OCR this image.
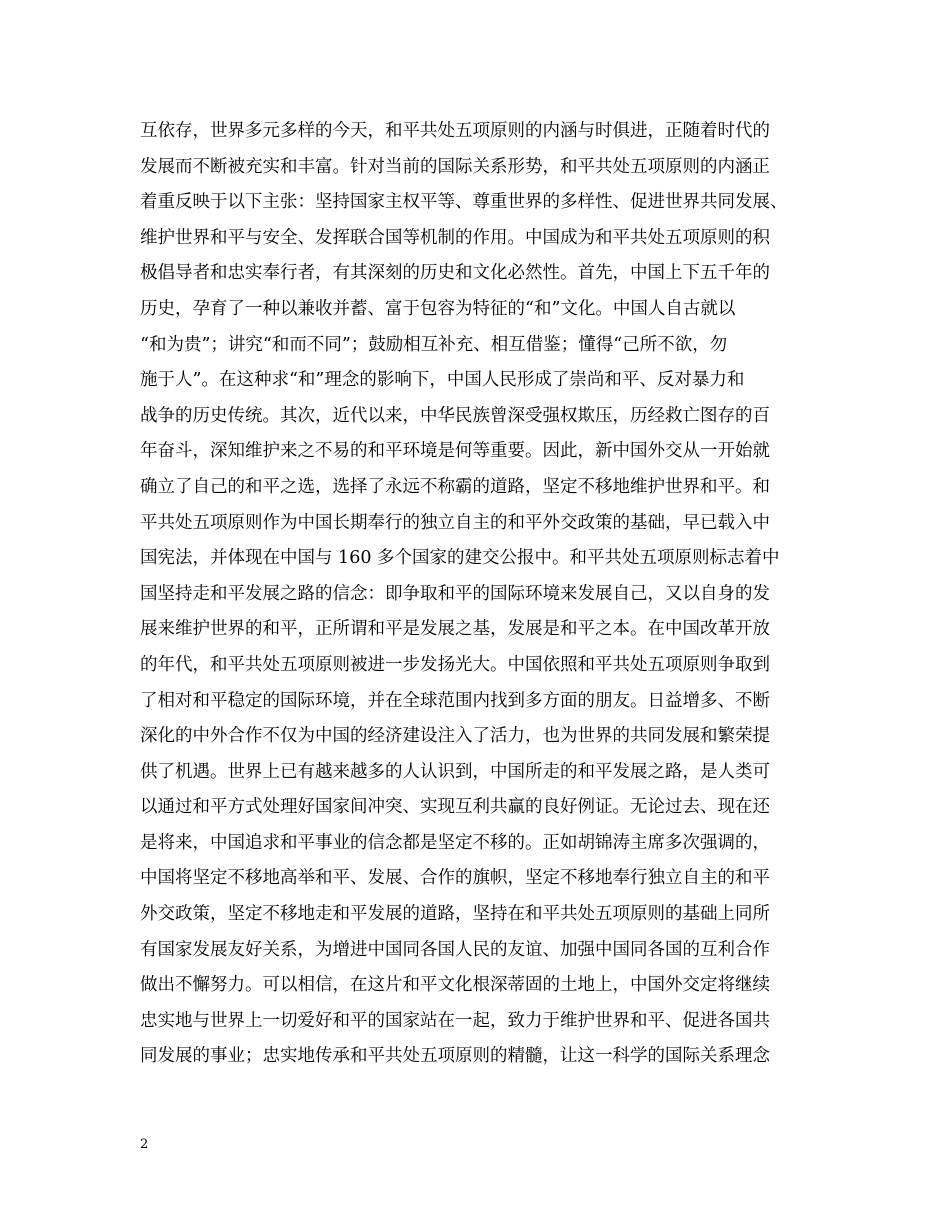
互依存，世界多元多样的今天，和平共处五项原则的内涵与时俱进，正随着时代的
发展而不断被充实和丰富。针对当前的国际关系形势，和平共处五项原则的内涵正
着重反映于以下主张：坚持国家主权平等、尊重世界的多样性、促进世界共同发展、
维护世界和平与安全、发挥联合国等机制的作用。中国成为和平共处五项原则的积
极倡导者和忠实奉行者，有其深刻的历史和文化必然性。首先，中国上下五千年的
历史，孕育了一种以兼收并蓄、富于包容为特征的“和”文化。中国人自古就以
“和为贵”；讲究“和而不同”；鼓励相互补充、相互借鉴；懂得“己所不欲，勿
施于人”。在这种求“和”理念的影响下，中国人民形成了崇尚和平、反对暴力和
战争的历史传统。其次，近代以来，中华民族曾深受强权欺压，历经救亡图存的百
年奋斗，深知维护来之不易的和平环境是何等重要。因此，新中国外交从一开始就
确立了自己的和平之选，选择了永远不称霸的道路，坚定不移地维护世界和平。和
平共处五项原则作为中国长期奉行的独立自主的和平外交政策的基础，早已载入中
国宪法，并体现在中国与 160 多个国家的建交公报中。和平共处五项原则标志着中
国坚持走和平发展之路的信念：即争取和平的国际环境来发展自己，又以自身的发
展来维护世界的和平，正所谓和平是发展之基，发展是和平之本。在中国改革开放
的年代，和平共处五项原则被进一步发扬光大。中国依照和平共处五项原则争取到
了相对和平稳定的国际环境，并在全球范围内找到多方面的朋友。日益增多、不断
深化的中外合作不仅为中国的经济建设注入了活力，也为世界的共同发展和繁荣提
供了机遇。世界上已有越来越多的人认识到，中国所走的和平发展之路，是人类可
以通过和平方式处理好国家间冲突、实现互利共赢的良好例证。无论过去、现在还
是将来，中国追求和平事业的信念都是坚定不移的。正如胡锦涛主席多次强调的，
中国将坚定不移地高举和平、发展、合作的旗帜，坚定不移地奉行独立自主的和平
外交政策，坚定不移地走和平发展的道路，坚持在和平共处五项原则的基础上同所
有国家发展友好关系，为增进中国同各国人民的友谊、加强中国同各国的互利合作
做出不懈努力。可以相信，在这片和平文化根深蒂固的土地上，中国外交定将继续
忠实地与世界上一切爱好和平的国家站在一起，致力于维护世界和平、促进各国共
同发展的事业；忠实地传承和平共处五项原则的精髓，让这一科学的国际关系理念
2
